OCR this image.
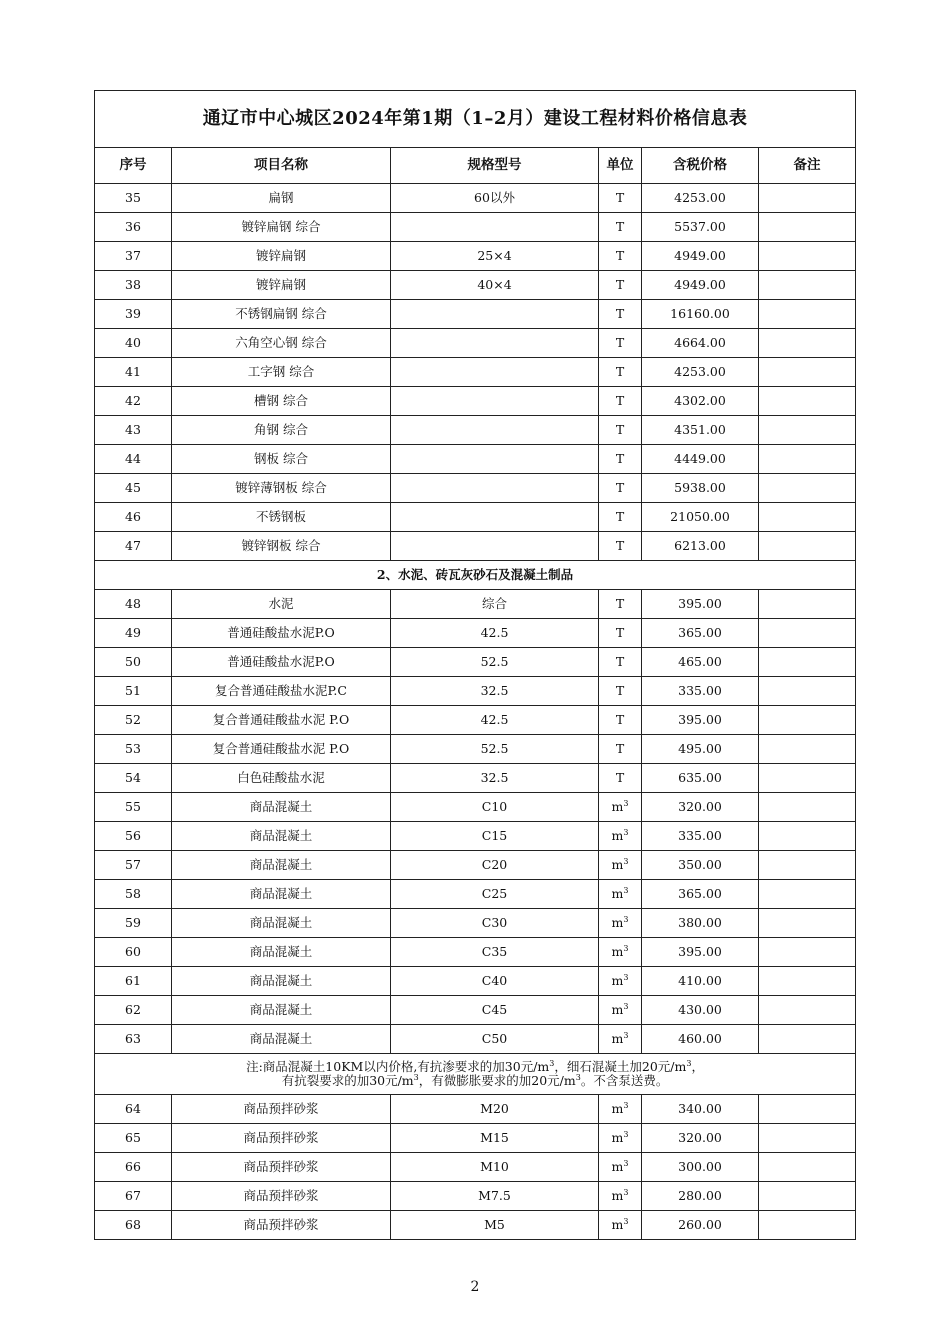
通辽市中心城区2024年第1期（1–2月）建设工程材料价格信息表					
序号	项目名称	规格型号	单位	含税价格	备注
35	扁钢	60以外	T	4253.00	
36	镀锌扁钢 综合		T	5537.00	
37	镀锌扁钢	25×4	T	4949.00	
38	镀锌扁钢	40×4	T	4949.00	
39	不锈钢扁钢 综合		T	16160.00	
40	六角空心钢 综合		T	4664.00	
41	工字钢 综合		T	4253.00	
42	槽钢 综合		T	4302.00	
43	角钢 综合		T	4351.00	
44	钢板 综合		T	4449.00	
45	镀锌薄钢板 综合		T	5938.00	
46	不锈钢板		T	21050.00	
47	镀锌钢板 综合		T	6213.00	
2、水泥、砖瓦灰砂石及混凝土制品					
48	水泥	综合	T	395.00	
49	普通硅酸盐水泥P.O	42.5	T	365.00	
50	普通硅酸盐水泥P.O	52.5	T	465.00	
51	复合普通硅酸盐水泥P.C	32.5	T	335.00	
52	复合普通硅酸盐水泥 P.O	42.5	T	395.00	
53	复合普通硅酸盐水泥 P.O	52.5	T	495.00	
54	白色硅酸盐水泥	32.5	T	635.00	
55	商品混凝土	C10	$m^3$	320.00	
56	商品混凝土	C15	$m^3$	335.00	
57	商品混凝土	C20	$m^3$	350.00	
58	商品混凝土	C25	$m^3$	365.00	
59	商品混凝土	C30	$m^3$	380.00	
60	商品混凝土	C35	$m^3$	395.00	
61	商品混凝土	C40	$m^3$	410.00	
62	商品混凝土	C45	$m^3$	430.00	
63	商品混凝土	C50	$m^3$	460.00	
注:商品混凝土10KM以内价格,有抗渗要求的加30元$/m^3$，细石混凝土加20元$/m^3$，
有抗裂要求的加30元$/m^3$，有微膨胀要求的加20元$/m^3$。不含泵送费。					
64	商品预拌砂浆	M20	$m^3$	340.00	
65	商品预拌砂浆	M15	$m^3$	320.00	
66	商品预拌砂浆	M10	$m^3$	300.00	
67	商品预拌砂浆	M7.5	$m^3$	280.00	
68	商品预拌砂浆	M5	$m^3$	260.00	
2
